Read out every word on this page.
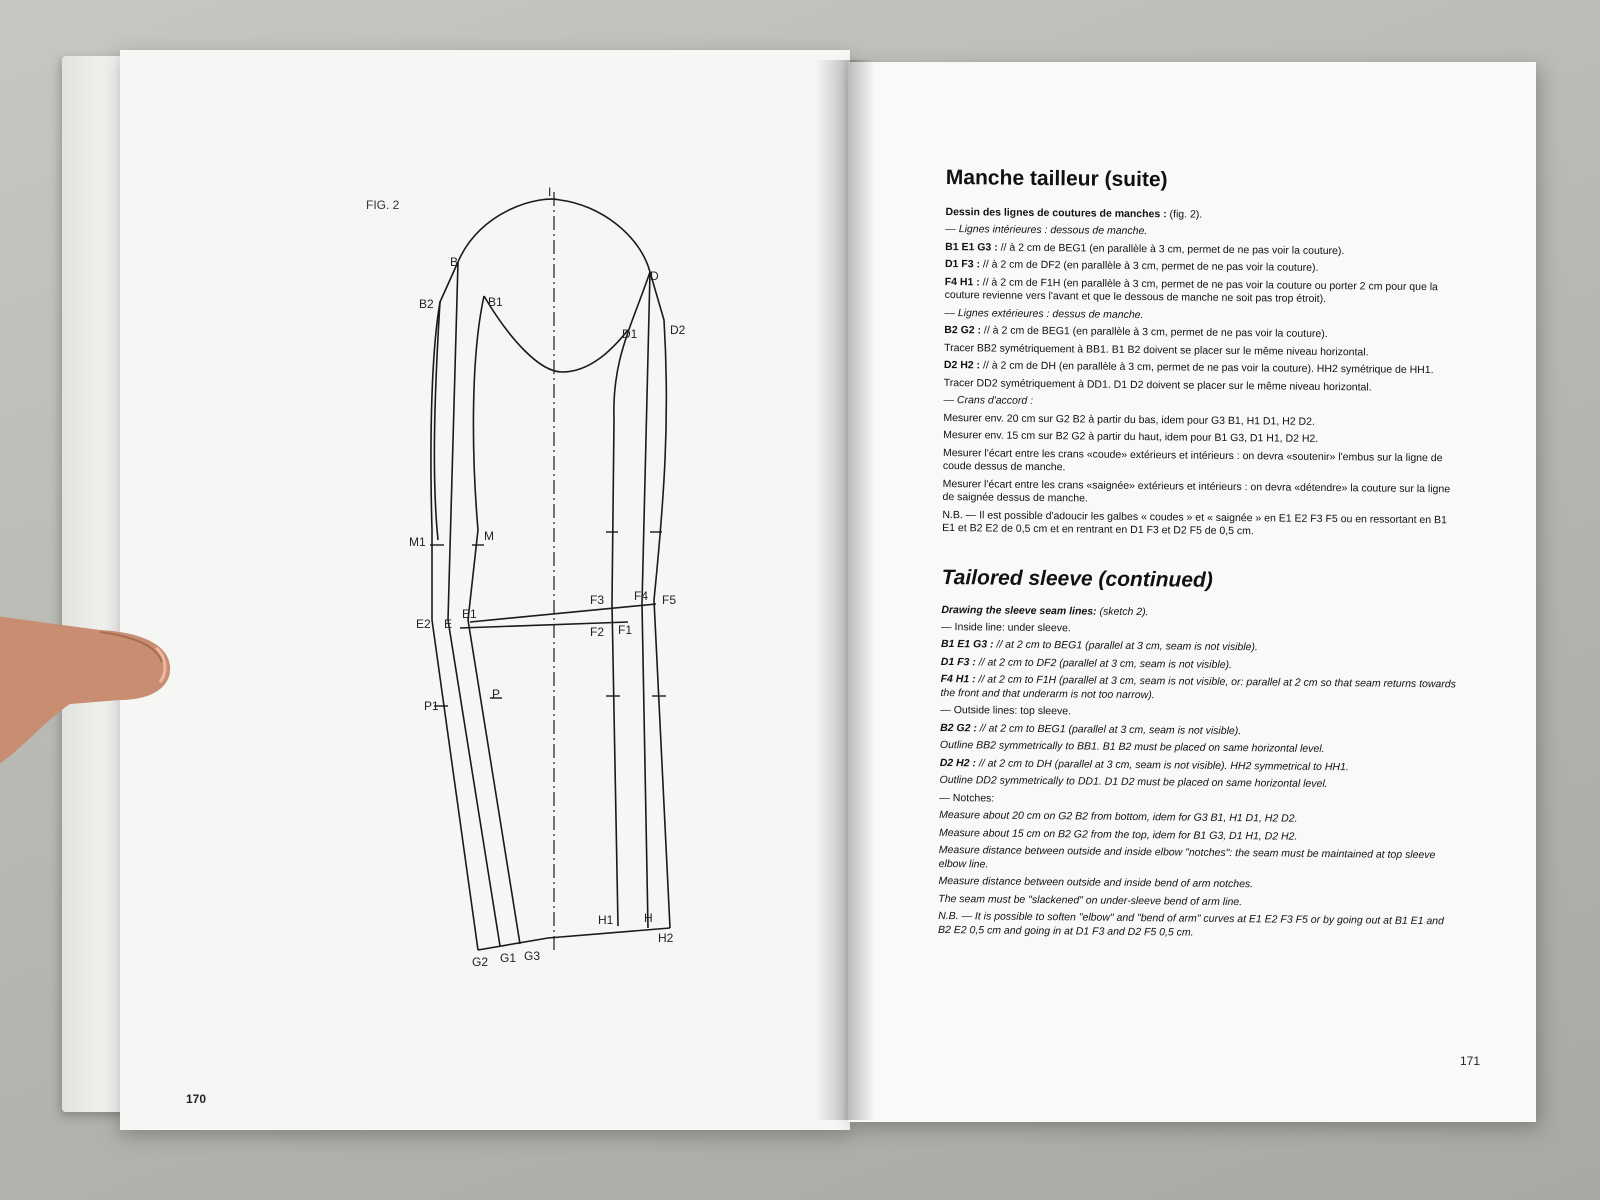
FIG. 2
I
B
B1
B2
D
D1	D2
M
M1
E2 E
E1
F3 F4 F5
F2 F1
P1
P
H1	H
H2
G2 G1 G3
170
171
Manche tailleur (suite)

Dessin des lignes de coutures de manches : (fig. 2).

— Lignes intérieures : dessous de manche.

B1 E1 G3 : // à 2 cm de BEG1 (en parallèle à 3 cm, permet de ne pas voir la couture).

D1 F3 : // à 2 cm de DF2 (en parallèle à 3 cm, permet de ne pas voir la couture).

F4 H1 : // à 2 cm de F1H (en parallèle à 3 cm, permet de ne pas voir la couture ou porter 2 cm pour que la couture revienne vers l'avant et que le dessous de manche ne soit pas trop étroit).

— Lignes extérieures : dessus de manche.

B2 G2 : // à 2 cm de BEG1 (en parallèle à 3 cm, permet de ne pas voir la couture).

Tracer BB2 symétriquement à BB1. B1 B2 doivent se placer sur le même niveau horizontal.

D2 H2 : // à 2 cm de DH (en parallèle à 3 cm, permet de ne pas voir la couture). HH2 symétrique de HH1.

Tracer DD2 symétriquement à DD1. D1 D2 doivent se placer sur le même niveau horizontal.

— Crans d'accord :

Mesurer env. 20 cm sur G2 B2 à partir du bas, idem pour G3 B1, H1 D1, H2 D2.

Mesurer env. 15 cm sur B2 G2 à partir du haut, idem pour B1 G3, D1 H1, D2 H2.

Mesurer l'écart entre les crans «coude» extérieurs et intérieurs : on devra «soutenir» l'embus sur la ligne de coude dessus de manche.

Mesurer l'écart entre les crans «saignée» extérieurs et intérieurs : on devra «détendre» la couture sur la ligne de saignée dessus de manche.

N.B. — Il est possible d'adoucir les galbes « coudes » et « saignée » en E1 E2 F3 F5 ou en ressortant en B1 E1 et B2 E2 de 0,5 cm et en rentrant en D1 F3 et D2 F5 de 0,5 cm.

Tailored sleeve (continued)

Drawing the sleeve seam lines: (sketch 2).

— Inside line: under sleeve.

B1 E1 G3 : // at 2 cm to BEG1 (parallel at 3 cm, seam is not visible).

D1 F3 : // at 2 cm to DF2 (parallel at 3 cm, seam is not visible).

F4 H1 : // at 2 cm to F1H (parallel at 3 cm, seam is not visible, or: parallel at 2 cm so that seam returns towards the front and that underarm is not too narrow).

— Outside lines: top sleeve.

B2 G2 : // at 2 cm to BEG1 (parallel at 3 cm, seam is not visible).

Outline BB2 symmetrically to BB1. B1 B2 must be placed on same horizontal level.

D2 H2 : // at 2 cm to DH (parallel at 3 cm, seam is not visible). HH2 symmetrical to HH1.

Outline DD2 symmetrically to DD1. D1 D2 must be placed on same horizontal level.

— Notches:

Measure about 20 cm on G2 B2 from bottom, idem for G3 B1, H1 D1, H2 D2.

Measure about 15 cm on B2 G2 from the top, idem for B1 G3, D1 H1, D2 H2.

Measure distance between outside and inside elbow "notches": the seam must be maintained at top sleeve elbow line.

Measure distance between outside and inside bend of arm notches.

The seam must be "slackened" on under-sleeve bend of arm line.

N.B. — It is possible to soften "elbow" and "bend of arm" curves at E1 E2 F3 F5 or by going out at B1 E1 and B2 E2 0,5 cm and going in at D1 F3 and D2 F5 0,5 cm.
